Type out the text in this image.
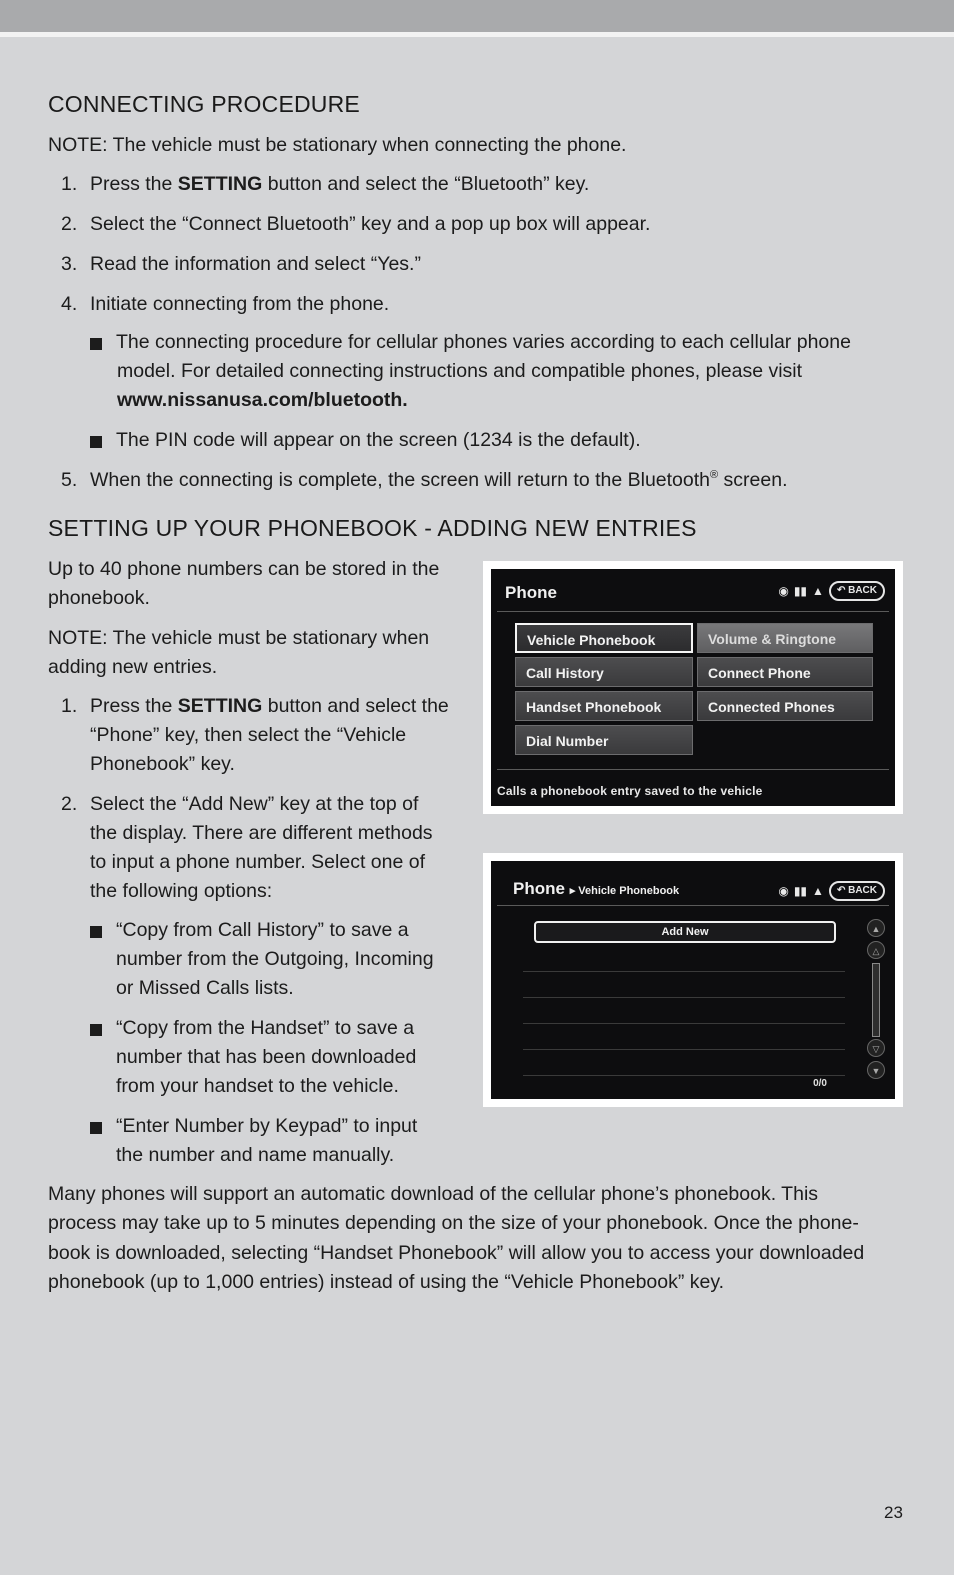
CONNECTING PROCEDURE

NOTE: The vehicle must be stationary when connecting the phone.

1. Press the SETTING button and select the “Bluetooth” key.
2. Select the “Connect Bluetooth” key and a pop up box will appear.
3. Read the information and select “Yes.”
4. Initiate connecting from the phone.
The connecting procedure for cellular phones varies according to each cellular phone
model. For detailed connecting instructions and compatible phones, please visit
www.nissanusa.com/bluetooth.
The PIN code will appear on the screen (1234 is the default).
5. When the connecting is complete, the screen will return to the Bluetooth® screen.
SETTING UP YOUR PHONEBOOK - ADDING NEW ENTRIES

Up to 40 phone numbers can be stored in the

phonebook.

NOTE: The vehicle must be stationary when

adding new entries.

1. Press the SETTING button and select the
“Phone” key, then select the “Vehicle
Phonebook” key.
2. Select the “Add New” key at the top of
the display. There are different methods
to input a phone number. Select one of
the following options:
“Copy from Call History” to save a
number from the Outgoing, Incoming
or Missed Calls lists.
“Copy from the Handset” to save a
number that has been downloaded
from your handset to the vehicle.
“Enter Number by Keypad” to input
the number and name manually.

Many phones will support an automatic download of the cellular phone’s phonebook. This

process may take up to 5 minutes depending on the size of your phonebook. Once the phone-

book is downloaded, selecting “Handset Phonebook” will allow you to access your downloaded

phonebook (up to 1,000 entries) instead of using the “Vehicle Phonebook” key.

Phone	◉ ▮▮ ▲	↶ BACK
Vehicle Phonebook	Volume & Ringtone
Call History	Connect Phone
Handset Phonebook	Connected Phones
Dial Number
Calls a phonebook entry saved to the vehicle
Phone ▸ Vehicle Phonebook	◉ ▮▮ ▲	↶ BACK
Add New	▲
△
▽
▼
0/0
23
